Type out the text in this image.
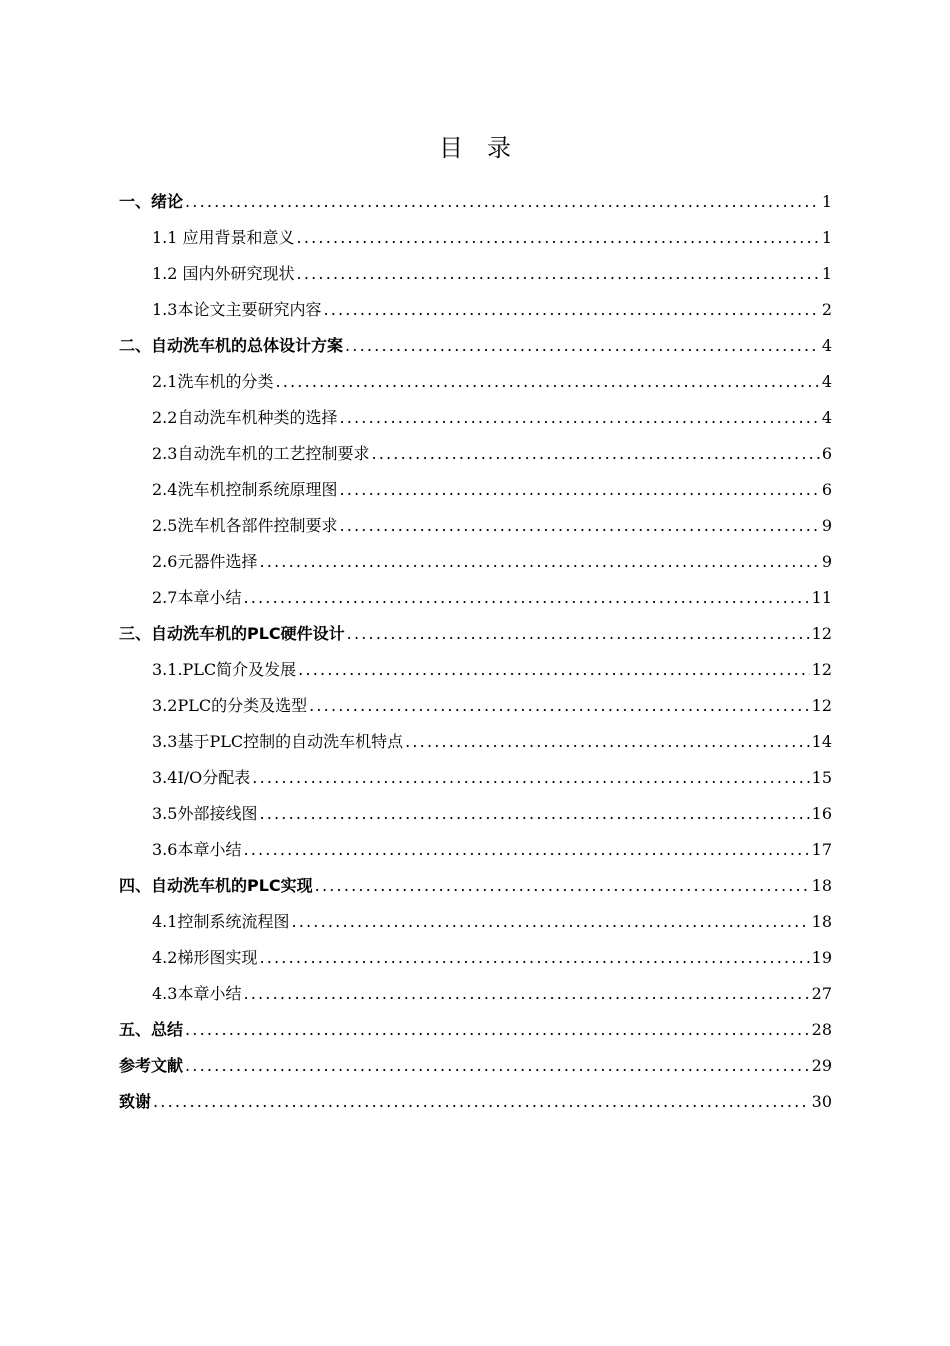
目　录
一、绪论 .....	1
1.1 应用背景和意义 .....	1
1.2 国内外研究现状 .....	1
1.3本论文主要研究内容 .....	2
二、自动洗车机的总体设计方案 .....	4
2.1洗车机的分类 .....	4
2.2自动洗车机种类的选择 .....	4
2.3自动洗车机的工艺控制要求 .....	6
2.4洗车机控制系统原理图 .....	6
2.5洗车机各部件控制要求 .....	9
2.6元器件选择 .....	9
2.7本章小结 .....	11
三、自动洗车机的PLC硬件设计 .....	12
3.1.PLC简介及发展 .....	12
3.2PLC的分类及选型 .....	12
3.3基于PLC控制的自动洗车机特点 .....	14
3.4I/O分配表 .....	15
3.5外部接线图 .....	16
3.6本章小结 .....	17
四、自动洗车机的PLC实现 .....	18
4.1控制系统流程图 .....	18
4.2梯形图实现 .....	19
4.3本章小结 .....	27
五、总结 .....	28
参考文献 .....	29
致谢 .....	30
